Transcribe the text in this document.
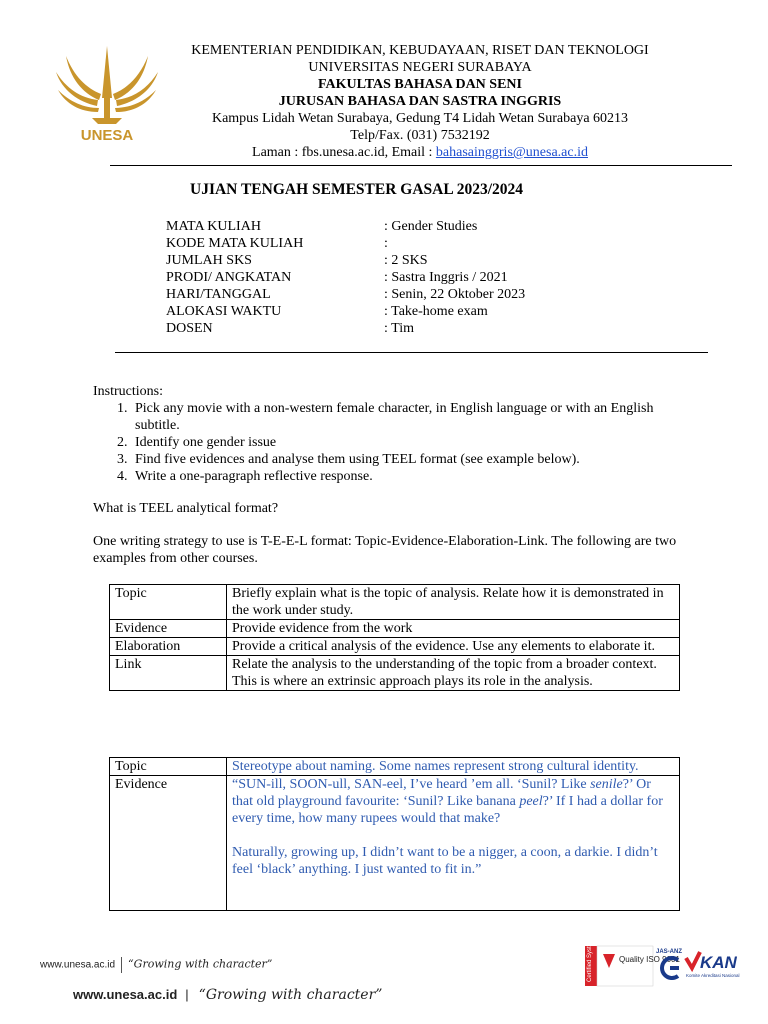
UNESA
KEMENTERIAN PENDIDIKAN, KEBUDAYAAN, RISET DAN TEKNOLOGI
UNIVERSITAS NEGERI SURABAYA
FAKULTAS BAHASA DAN SENI
JURUSAN BAHASA DAN SASTRA INGGRIS
Kampus Lidah Wetan Surabaya, Gedung T4 Lidah Wetan Surabaya 60213
Telp/Fax. (031) 7532192
Laman : fbs.unesa.ac.id, Email : bahasainggris@unesa.ac.id
UJIAN TENGAH SEMESTER GASAL 2023/2024
MATA KULIAH	: Gender Studies
KODE MATA KULIAH	:
JUMLAH SKS	: 2 SKS
PRODI/ ANGKATAN	: Sastra Inggris / 2021
HARI/TANGGAL	: Senin, 22 Oktober 2023
ALOKASI WAKTU	: Take-home exam
DOSEN	: Tim
Instructions:
1. Pick any movie with a non-western female character, in English language or with an English subtitle.
2. Identify one gender issue
3. Find five evidences and analyse them using TEEL format (see example below).
4. Write a one-paragraph reflective response.
What is TEEL analytical format?
One writing strategy to use is T-E-E-L format: Topic-Evidence-Elaboration-Link. The following are two examples from other courses.
Topic	Briefly explain what is the topic of analysis. Relate how it is demonstrated in the work under study.
Evidence	Provide evidence from the work
Elaboration	Provide a critical analysis of the evidence. Use any elements to elaborate it.
Link	Relate the analysis to the understanding of the topic from a broader context. This is where an extrinsic approach plays its role in the analysis.
Topic	Stereotype about naming. Some names represent strong cultural identity.
Evidence	“SUN-ill, SOON-ull, SAN-eel, I’ve heard ’em all. ‘Sunil? Like senile?’ Or that old playground favourite: ‘Sunil? Like banana peel?’ If I had a dollar for every time, how many rupees would that make?
Naturally, growing up, I didn’t want to be a nigger, a coon, a darkie. I didn’t feel ‘black’ anything. I just wanted to fit in.”
www.unesa.ac.id “Growing with character”	Certified System	Quality ISO 9001
JAS-ANZ
KAN
Komite Akreditasi Nasional
www.unesa.ac.id | “Growing with character”
